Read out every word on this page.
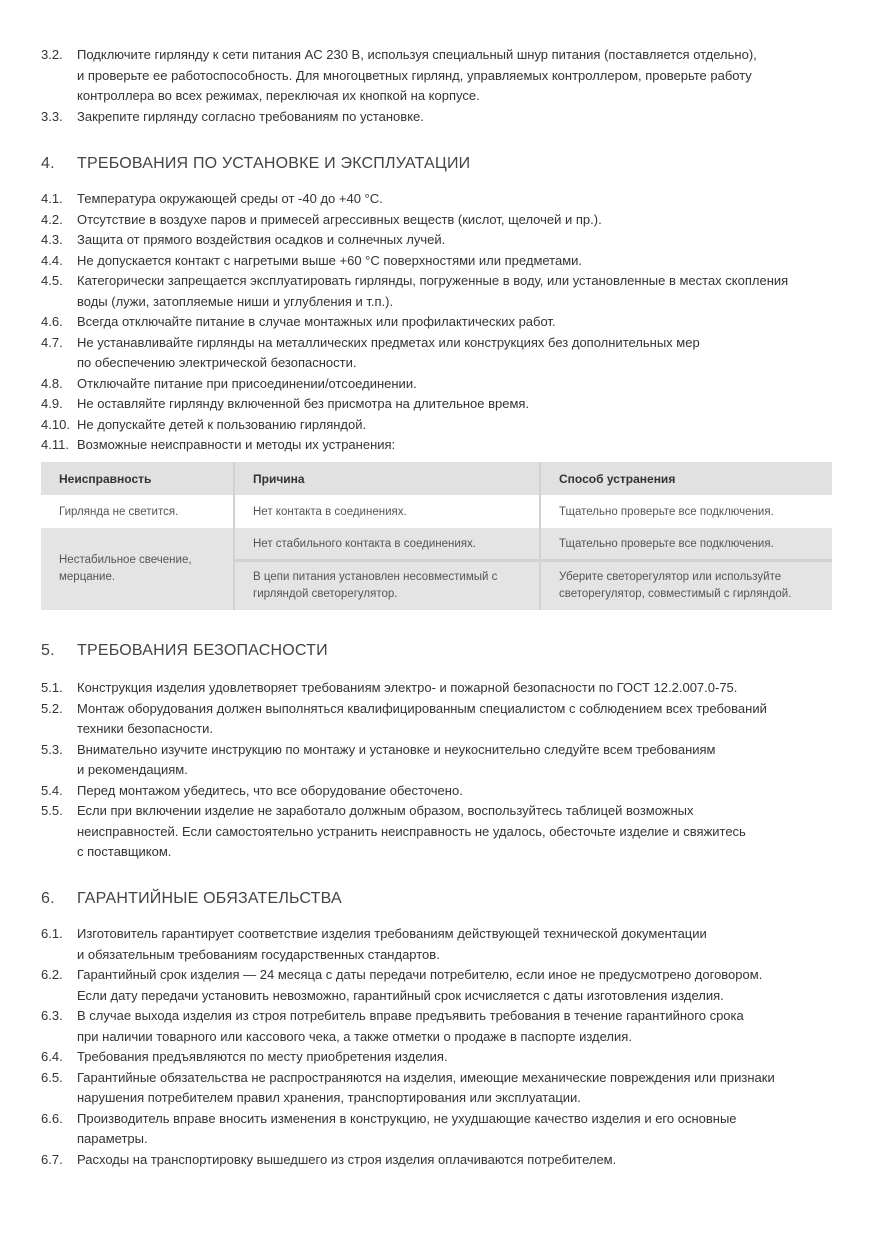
3.2.	Подключите гирлянду к сети питания AC 230 В, используя специальный шнур питания (поставляется отдельно),
и проверьте ее работоспособность. Для многоцветных гирлянд, управляемых контроллером, проверьте работу
контроллера во всех режимах, переключая их кнопкой на корпусе.
3.3.	Закрепите гирлянду согласно требованиям по установке.
4. ТРЕБОВАНИЯ ПО УСТАНОВКЕ И ЭКСПЛУАТАЦИИ
4.1.	Температура окружающей среды от -40 до +40 °C.
4.2.	Отсутствие в воздухе паров и примесей агрессивных веществ (кислот, щелочей и пр.).
4.3.	Защита от прямого воздействия осадков и солнечных лучей.
4.4.	Не допускается контакт с нагретыми выше +60 °C поверхностями или предметами.
4.5.	Категорически запрещается эксплуатировать гирлянды, погруженные в воду, или установленные в местах скопления
воды (лужи, затопляемые ниши и углубления и т.п.).
4.6.	Всегда отключайте питание в случае монтажных или профилактических работ.
4.7.	Не устанавливайте гирлянды на металлических предметах или конструкциях без дополнительных мер
по обеспечению электрической безопасности.
4.8.	Отключайте питание при присоединении/отсоединении.
4.9.	Не оставляйте гирлянду включенной без присмотра на длительное время.
4.10. Не допускайте детей к пользованию гирляндой.
4.11. Возможные неисправности и методы их устранения:
Неисправность	Причина	Способ устранения
Гирлянда не светится.	Нет контакта в соединениях.	Тщательно проверьте все подключения.
Нестабильное свечение, мерцание.	Нет стабильного контакта в соединениях.	Тщательно проверьте все подключения.
	В цепи питания установлен несовместимый с гирляндой светорегулятор.	Уберите светорегулятор или используйте светорегулятор, совместимый с гирляндой.
5. ТРЕБОВАНИЯ БЕЗОПАСНОСТИ
5.1.	Конструкция изделия удовлетворяет требованиям электро- и пожарной безопасности по ГОСТ 12.2.007.0-75.
5.2.	Монтаж оборудования должен выполняться квалифицированным специалистом с соблюдением всех требований
техники безопасности.
5.3.	Внимательно изучите инструкцию по монтажу и установке и неукоснительно следуйте всем требованиям
и рекомендациям.
5.4.	Перед монтажом убедитесь, что все оборудование обесточено.
5.5.	Если при включении изделие не заработало должным образом, воспользуйтесь таблицей возможных
неисправностей. Если самостоятельно устранить неисправность не удалось, обесточьте изделие и свяжитесь
с поставщиком.
6. ГАРАНТИЙНЫЕ ОБЯЗАТЕЛЬСТВА
6.1.	Изготовитель гарантирует соответствие изделия требованиям действующей технической документации
и обязательным требованиям государственных стандартов.
6.2.	Гарантийный срок изделия — 24 месяца с даты передачи потребителю, если иное не предусмотрено договором.
Если дату передачи установить невозможно, гарантийный срок исчисляется с даты изготовления изделия.
6.3.	В случае выхода изделия из строя потребитель вправе предъявить требования в течение гарантийного срока
при наличии товарного или кассового чека, а также отметки о продаже в паспорте изделия.
6.4.	Требования предъявляются по месту приобретения изделия.
6.5.	Гарантийные обязательства не распространяются на изделия, имеющие механические повреждения или признаки
нарушения потребителем правил хранения, транспортирования или эксплуатации.
6.6.	Производитель вправе вносить изменения в конструкцию, не ухудшающие качество изделия и его основные
параметры.
6.7.	Расходы на транспортировку вышедшего из строя изделия оплачиваются потребителем.
